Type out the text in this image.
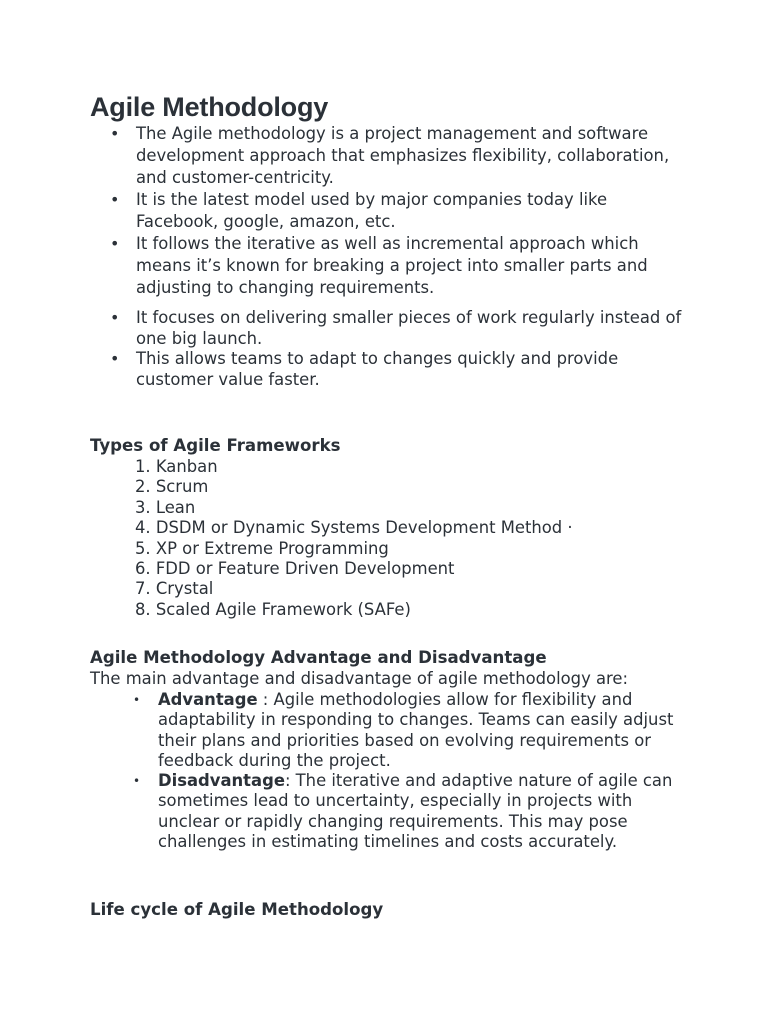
Agile Methodology
• The Agile methodology is a project management and software development approach that emphasizes flexibility, collaboration, and customer-centricity.
• It is the latest model used by major companies today like Facebook, google, amazon, etc.
• It follows the iterative as well as incremental approach which means it’s known for breaking a project into smaller parts and adjusting to changing requirements.
• It focuses on delivering smaller pieces of work regularly instead of one big launch.
• This allows teams to adapt to changes quickly and provide customer value faster.
Types of Agile Frameworks
1. Kanban
2. Scrum
3. Lean
4. DSDM or Dynamic Systems Development Method ·
5. XP or Extreme Programming
6. FDD or Feature Driven Development
7. Crystal
8. Scaled Agile Framework (SAFe)
Agile Methodology Advantage and Disadvantage

The main advantage and disadvantage of agile methodology are:

• Advantage : Agile methodologies allow for flexibility and adaptability in responding to changes. Teams can easily adjust their plans and priorities based on evolving requirements or feedback during the project.
• Disadvantage: The iterative and adaptive nature of agile can sometimes lead to uncertainty, especially in projects with unclear or rapidly changing requirements. This may pose challenges in estimating timelines and costs accurately.
Life cycle of Agile Methodology
